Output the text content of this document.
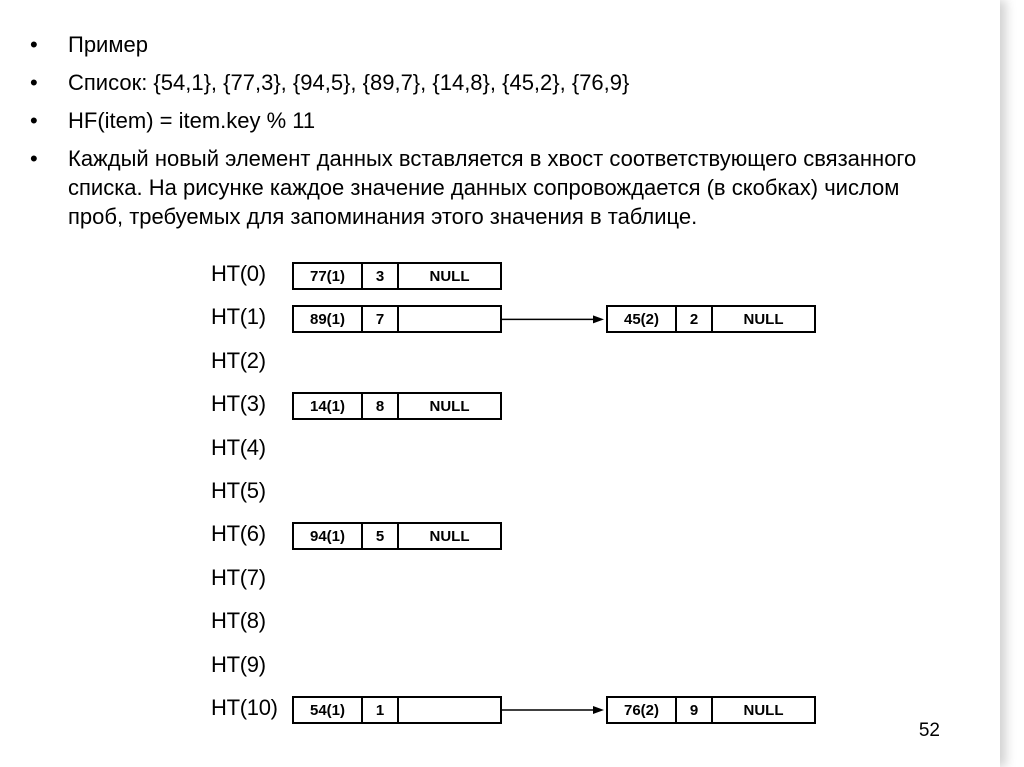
• Пример
• Список: {54,1}, {77,3}, {94,5}, {89,7}, {14,8}, {45,2}, {76,9}
• HF(item) = item.key % 11
• Каждый новый элемент данных вставляется в хвост соответствующего связанного списка. На рисунке каждое значение данных сопровождается (в скобках) числом проб, требуемых для запоминания этого значения в таблице.
HT(0)	77(1)	3	NULL
HT(1)	89(1)	7	45(2)	2	NULL
HT(2)
HT(3)	14(1)	8	NULL
HT(4)
HT(5)
HT(6)	94(1)	5	NULL
HT(7)
HT(8)
HT(9)
HT(10)	54(1)	1	76(2)	9	NULL
52
